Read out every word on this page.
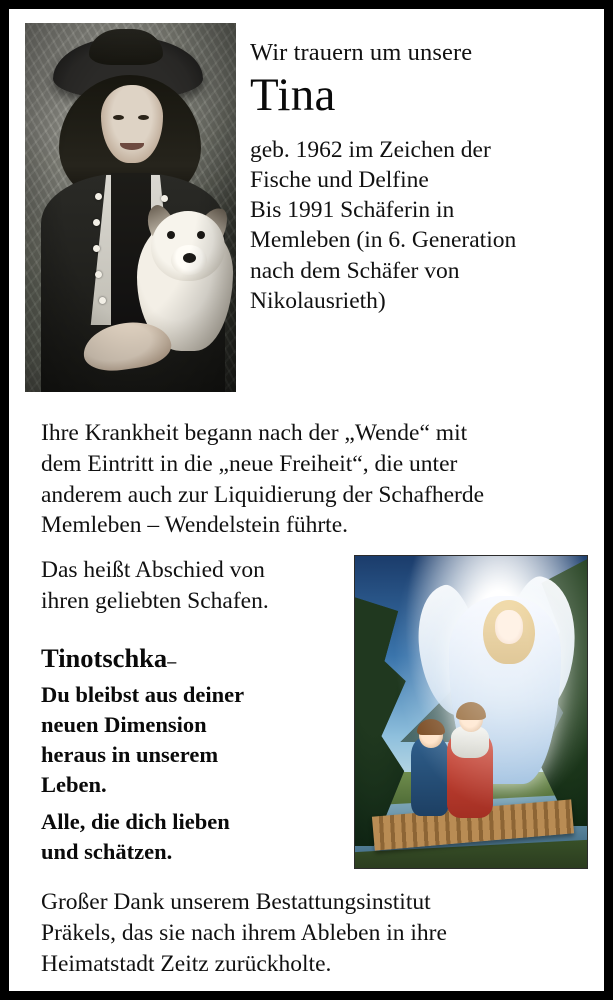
Wir trauern um unsere

Tina

geb. 1962 im Zeichen der
Fische und Delfine
Bis 1991 Schäferin in
Memleben (in 6. Generation
nach dem Schäfer von
Nikolausrieth)
Ihre Krankheit begann nach der „Wende“ mit
dem Eintritt in die „neue Freiheit“, die unter
anderem auch zur Liquidierung der Schafherde
Memleben – Wendelstein führte.
Das heißt Abschied von
ihren geliebten Schafen.
Tinotschka–
Du bleibst aus deiner
neuen Dimension
heraus in unserem
Leben.
Alle, die dich lieben
und schätzen.
Großer Dank unserem Bestattungsinstitut
Präkels, das sie nach ihrem Ableben in ihre
Heimatstadt Zeitz zurückholte.
